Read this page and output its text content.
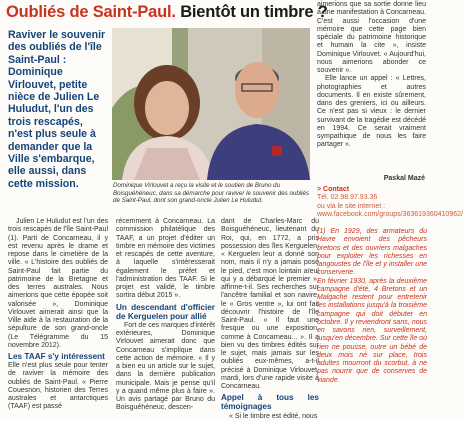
Oubliés de Saint-Paul. Bientôt un timbre ?
Raviver le souvenir des oubliés de l'île Saint-Paul : Dominique Virlouvet, petite nièce de Julien Le Huludut, l'un des trois rescapés, n'est plus seule à demander que la Ville s'embarque, elle aussi, dans cette mission.	Dominique Virlouvet a reçu la visite et le soutien de Bruno du Boisguéhéneuc, dans sa démarche pour raviver le souvenir des oubliés de Saint-Paul, dont son grand-oncle Julien Le Huludut.

Julien Le Huludut est l'un des trois rescapés de l'île Saint-Paul (1). Parti de Concarneau, il y est revenu après le drame et repose dans le cimetière de la ville. « L'histoire des oubliés de Saint-Paul fait partie du patrimoine de la Bretagne et des terres australes. Nous aimerions que cette épopée soit valorisée », Dominique Virlouvet aimerait ainsi que la Ville aide à la restauration de la sépulture de son grand-oncle (Le Télégramme du 15 novembre 2012).

Les TAAF s'y intéressent

Elle n'est plus seule pour tenter de raviver la mémoire des oubliés de Saint-Paul. « Pierre Couesnon, historien des Terres australes et antarctiques (TAAF) est passé

récemment à Concarneau. La commission philatélique des TAAF, a un projet d'éditer un timbre en mémoire des victimes et rescapés de cette aventure, à laquelle s'intéresserait également le préfet et l'administration des TAAF. Si le projet est validé, le timbre sortira début 2015 ».

Un descendant d'officier de Kerguelen pour allié

Fort de ces marques d'intérêt extérieures, Dominique Virlouvet aimerait donc que Concarneau s'implique dans cette action de mémoire. « Il y a bien eu un article sur le sujet, dans la dernière publication municipale. Mais je pense qu'il y a quand même plus à faire ». Un avis partagé par Bruno du Boisguéhéneuc, descen-

dant de Charles-Marc du Boisguéhéneuc, lieutenant du Roi, qui, en 1772, a pris possession des îles Kerguelen. « Kerguelen leur a donné son nom, mais il n'y a jamais posé le pied, c'est mon lointain aïeul qui y a débarqué le premier », affirme-t-il. Ses recherches sur l'ancêtre familial et son navire, le « Gros ventre », lui ont fait découvrir l'histoire de l'île Saint-Paul. « Il faut une fresque ou une exposition, comme à Concarneau... ». Il a bien vu des timbres édités sur le sujet, mais jamais sur les oubliés eux-mêmes, a-t-il précisé à Dominique Virlouvet, mardi, lors d'une rapide visite à Concarneau.

Appel à tous les témoignages

« Si le timbre est édité, nous

aimerions que sa sortie donne lieu à une manifestation à Concarneau. C'est aussi l'occasion d'une mémoire que cette page bien spéciale du patrimoine historique et humain la cite », insiste Dominique Virlouvet. « Aujourd'hui, nous aimerions abonder ce souvenir ».

Elle lance un appel : « Lettres, photographies et autres documents. Il en existe sûrement, dans des greniers, ici ou ailleurs. Ce n'est pas si vieux : le dernier survivant de la tragédie est décédé en 1994. Ce serait vraiment sympathique de nous les faire partager ».

Paskal Mazé
> Contact
Tél. 02.98.97.93.36
ou via le site internet :
www.facebook.com/groups/363619360410962/

(1) En 1929, des armateurs du Havre envoient des pêcheurs bretons et des ouvriers malgaches pour exploiter les richesses en langoustes de l'île et y installer une conserverie.

En février 1930, après la deuxième campagne d'été, 4 Bretons et un Malgache restent pour entretenir les installations jusqu'à la troisième campagne qui doit débuter en octobre. Il y reviendront sans, nous en savons rien, surveillement, jusqu'en décembre. Sur cette île où rien ne pousse, outre un bébé de deux mois né sur place, trois adultes mourront du scorbut, à ne pas nourrir que de conserves de viande.
